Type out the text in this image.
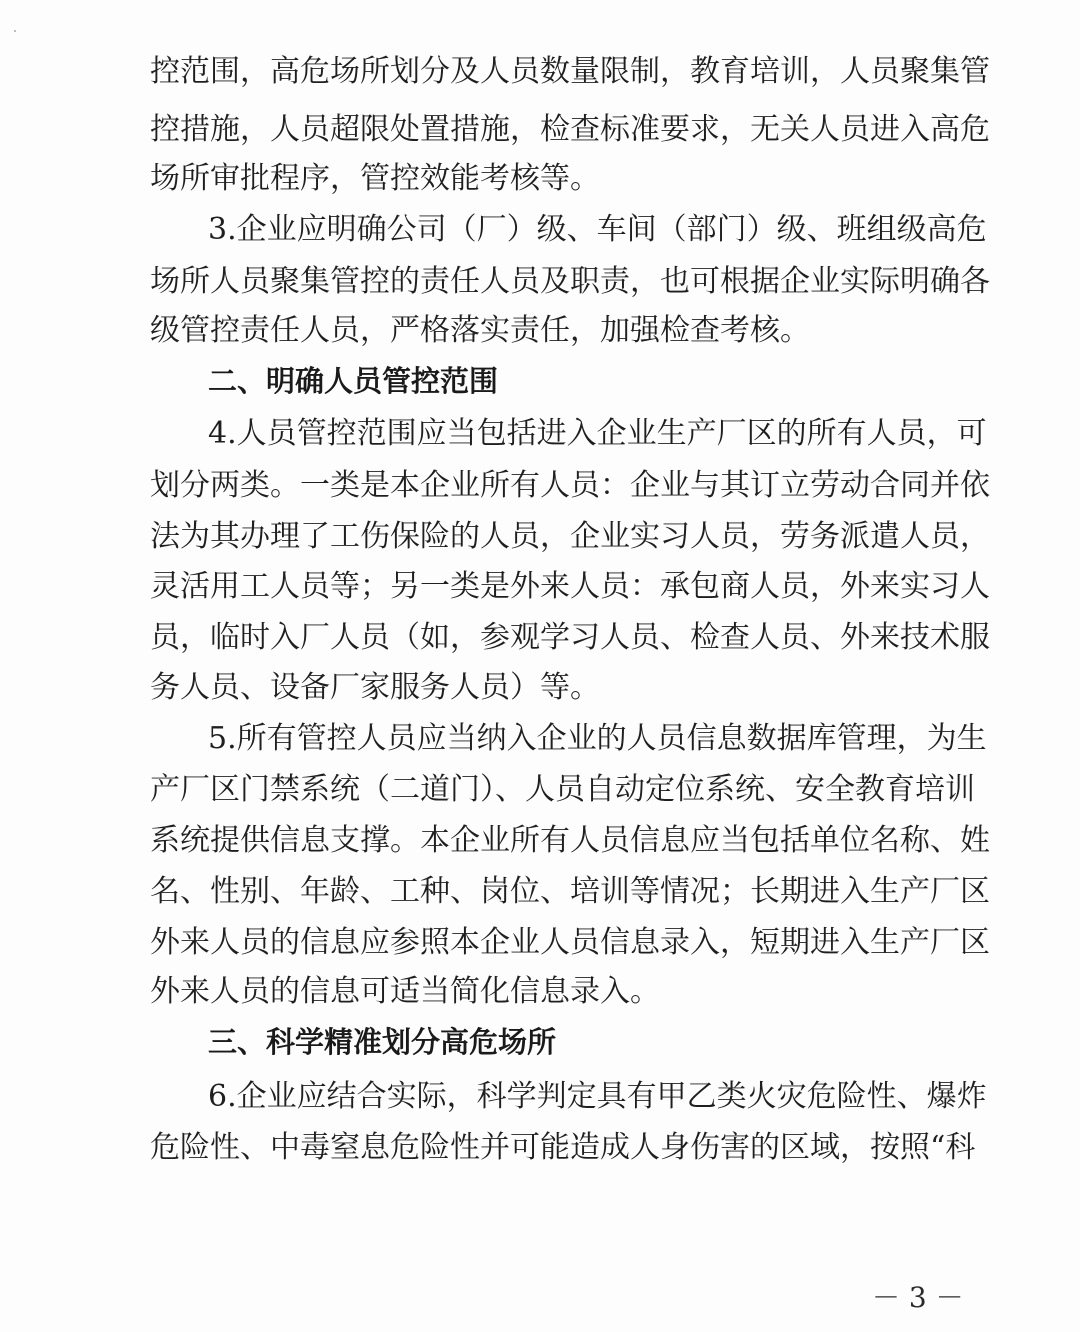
控范围，高危场所划分及人员数量限制，教育培训，人员聚集管
控措施，人员超限处置措施，检查标准要求，无关人员进入高危
场所审批程序，管控效能考核等。
3.企业应明确公司（厂）级、车间（部门）级、班组级高危
场所人员聚集管控的责任人员及职责，也可根据企业实际明确各
级管控责任人员，严格落实责任，加强检查考核。
二、明确人员管控范围
4.人员管控范围应当包括进入企业生产厂区的所有人员，可
划分两类。一类是本企业所有人员：企业与其订立劳动合同并依
法为其办理了工伤保险的人员，企业实习人员，劳务派遣人员，
灵活用工人员等；另一类是外来人员：承包商人员，外来实习人
员，临时入厂人员（如，参观学习人员、检查人员、外来技术服
务人员、设备厂家服务人员）等。
5.所有管控人员应当纳入企业的人员信息数据库管理，为生
产厂区门禁系统（二道门）、人员自动定位系统、安全教育培训
系统提供信息支撑。本企业所有人员信息应当包括单位名称、姓
名、性别、年龄、工种、岗位、培训等情况；长期进入生产厂区
外来人员的信息应参照本企业人员信息录入，短期进入生产厂区
外来人员的信息可适当简化信息录入。
三、科学精准划分高危场所
6.企业应结合实际，科学判定具有甲乙类火灾危险性、爆炸
危险性、中毒窒息危险性并可能造成人身伤害的区域，按照“科
－ 3 －
